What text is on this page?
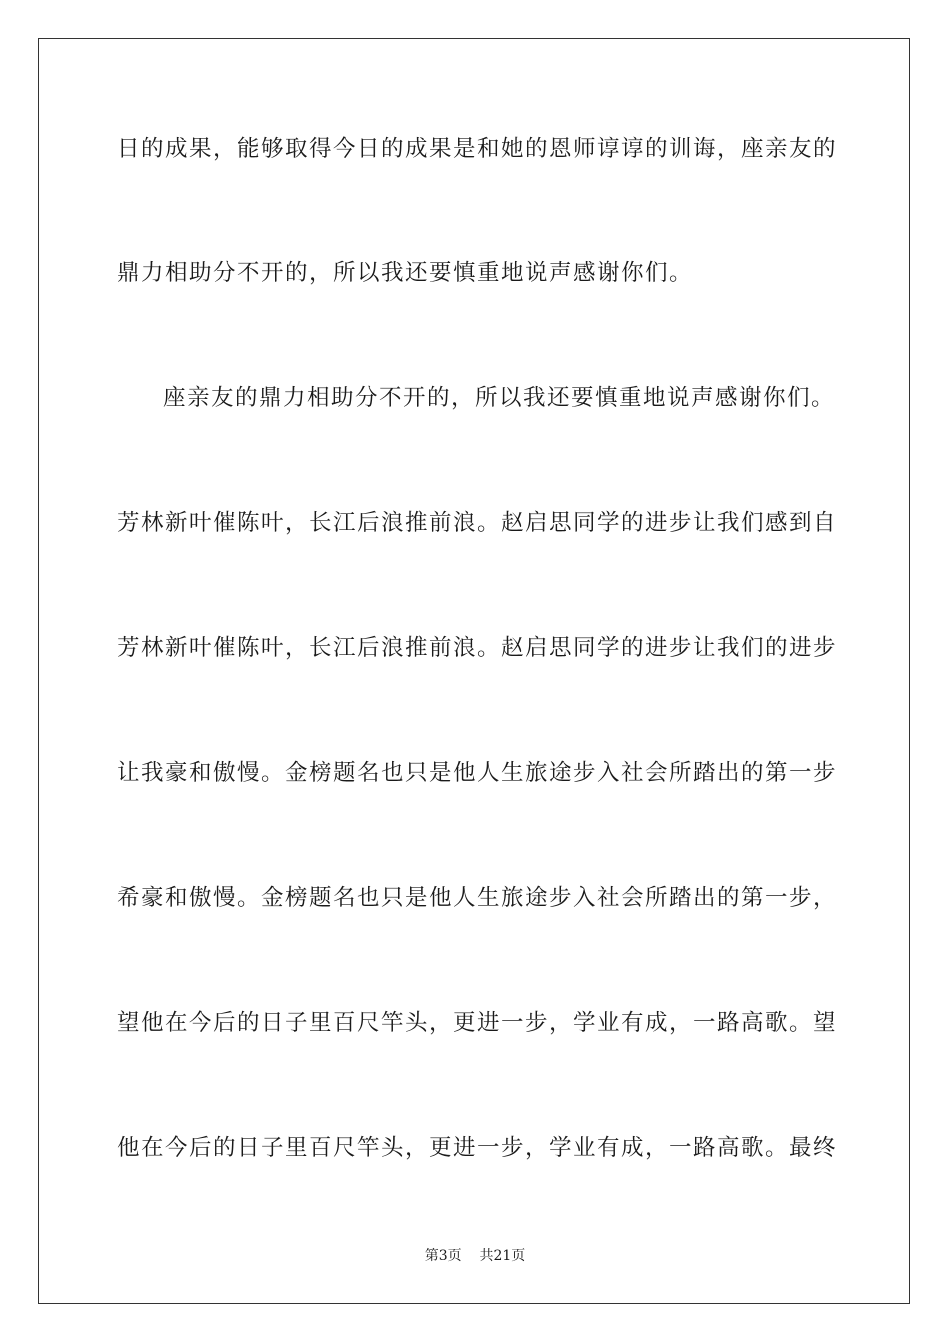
日的成果，能够取得今日的成果是和她的恩师谆谆的训诲，座亲友的
鼎力相助分不开的，所以我还要慎重地说声感谢你们。
座亲友的鼎力相助分不开的，所以我还要慎重地说声感谢你们。
芳林新叶催陈叶，长江后浪推前浪。赵启思同学的进步让我们感到自
芳林新叶催陈叶，长江后浪推前浪。赵启思同学的进步让我们的进步
让我豪和傲慢。金榜题名也只是他人生旅途步入社会所踏出的第一步
希豪和傲慢。金榜题名也只是他人生旅途步入社会所踏出的第一步，
望他在今后的日子里百尺竿头，更进一步，学业有成，一路高歌。望
他在今后的日子里百尺竿头，更进一步，学业有成，一路高歌。最终
第3页 共21页
